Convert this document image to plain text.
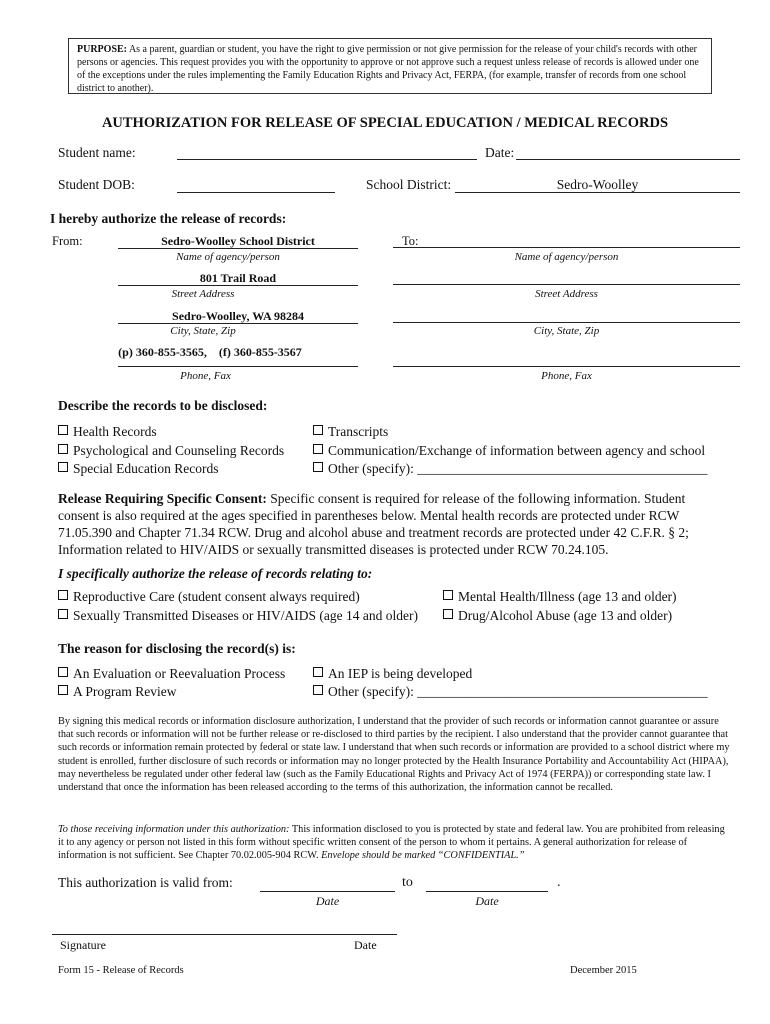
PURPOSE: As a parent, guardian or student, you have the right to give permission or not give permission for the release of your child's records with other persons or agencies. This request provides you with the opportunity to approve or not approve such a request unless release of records is allowed under one of the exceptions under the rules implementing the Family Education Rights and Privacy Act, FERPA, (for example, transfer of records from one school district to another).
AUTHORIZATION FOR RELEASE OF SPECIAL EDUCATION / MEDICAL RECORDS
Student name:	Date:
Student DOB:	School District:	Sedro-Woolley
I hereby authorize the release of records:
From:	Sedro-Woolley School District
Name of agency/person
801 Trail Road
Street Address
Sedro-Woolley, WA 98284
City, State, Zip
(p) 360-855-3565,    (f) 360-855-3567
Phone, Fax
To:
Name of agency/person
Street Address
City, State, Zip
Phone, Fax
Describe the records to be disclosed:
Health Records
Psychological and Counseling Records
Special Education Records
Transcripts
Communication/Exchange of information between agency and school
Other (specify): ___________________________________________
Release Requiring Specific Consent: Specific consent is required for release of the following information. Student consent is also required at the ages specified in parentheses below. Mental health records are protected under RCW 71.05.390 and Chapter 71.34 RCW. Drug and alcohol abuse and treatment records are protected under 42 C.F.R. § 2; Information related to HIV/AIDS or sexually transmitted diseases is protected under RCW 70.24.105.
I specifically authorize the release of records relating to:
Reproductive Care (student consent always required)
Sexually Transmitted Diseases or HIV/AIDS (age 14 and older)
Mental Health/Illness (age 13 and older)
Drug/Alcohol Abuse (age 13 and older)
The reason for disclosing the record(s) is:
An Evaluation or Reevaluation Process
A Program Review
An IEP is being developed
Other (specify): ___________________________________________
By signing this medical records or information disclosure authorization, I understand that the provider of such records or information cannot guarantee or assure that such records or information will not be further release or re-disclosed to third parties by the recipient. I also understand that the provider cannot guarantee that such records or information remain protected by federal or state law. I understand that when such records or information are provided to a school district where my student is enrolled, further disclosure of such records or information may no longer protected by the Health Insurance Portability and Accountability Act (HIPAA), may nevertheless be regulated under other federal law (such as the Family Educational Rights and Privacy Act of 1974 (FERPA)) or corresponding state law. I understand that once the information has been released according to the terms of this authorization, the information cannot be recalled.
To those receiving information under this authorization: This information disclosed to you is protected by state and federal law. You are prohibited from releasing it to any agency or person not listed in this form without specific written consent of the person to whom it pertains. A general authorization for release of information is not sufficient. See Chapter 70.02.005-904 RCW. Envelope should be marked “CONFIDENTIAL.”
This authorization is valid from:	to	.
Date	Date
Signature	Date
Form 15 - Release of Records	December 2015
